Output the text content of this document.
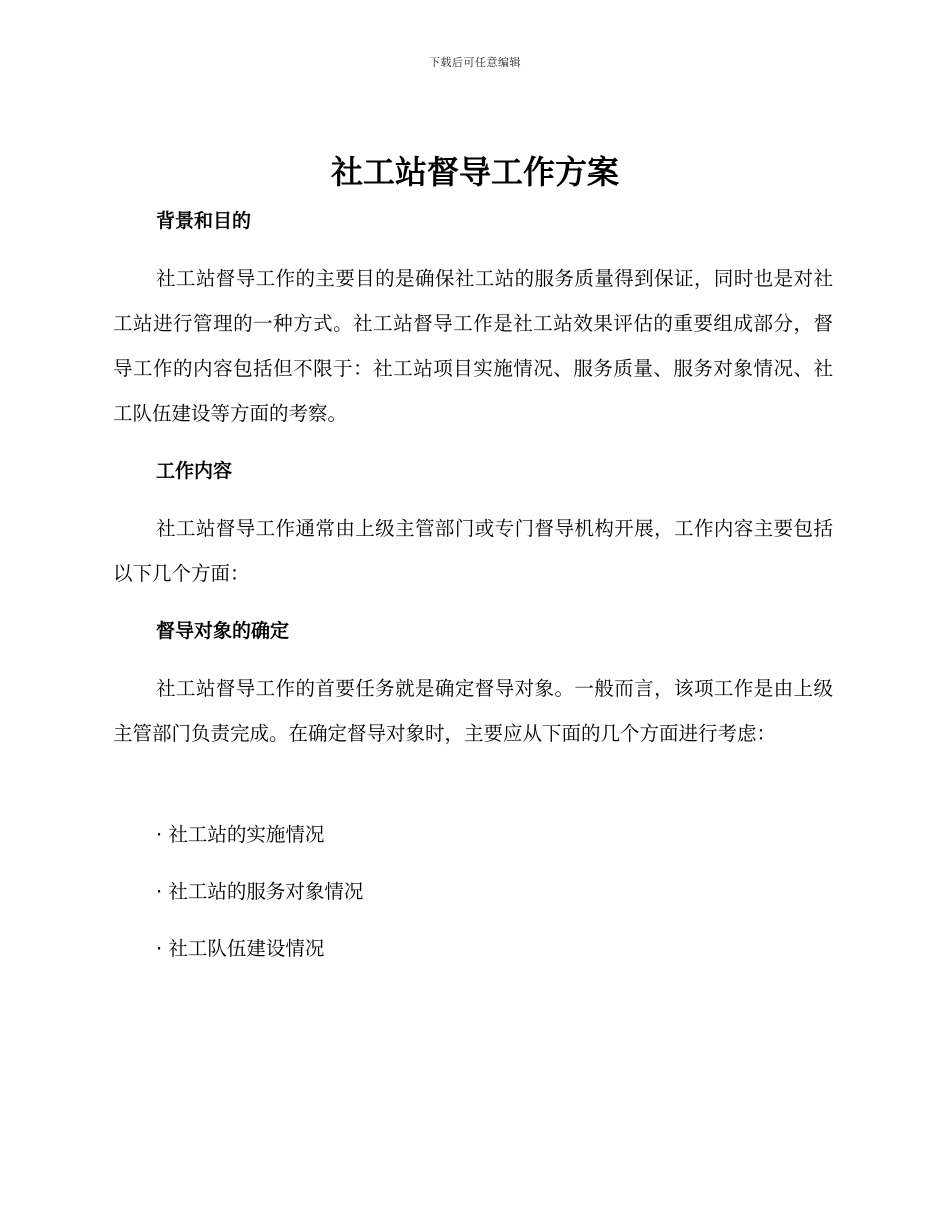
下载后可任意编辑
社工站督导工作方案
背景和目的

社工站督导工作的主要目的是确保社工站的服务质量得到保证，同时也是对社工站进行管理的一种方式。社工站督导工作是社工站效果评估的重要组成部分，督导工作的内容包括但不限于：社工站项目实施情况、服务质量、服务对象情况、社工队伍建设等方面的考察。

工作内容

社工站督导工作通常由上级主管部门或专门督导机构开展，工作内容主要包括以下几个方面：

督导对象的确定

社工站督导工作的首要任务就是确定督导对象。一般而言，该项工作是由上级主管部门负责完成。在确定督导对象时，主要应从下面的几个方面进行考虑：

· 社工站的实施情况

· 社工站的服务对象情况

· 社工队伍建设情况
